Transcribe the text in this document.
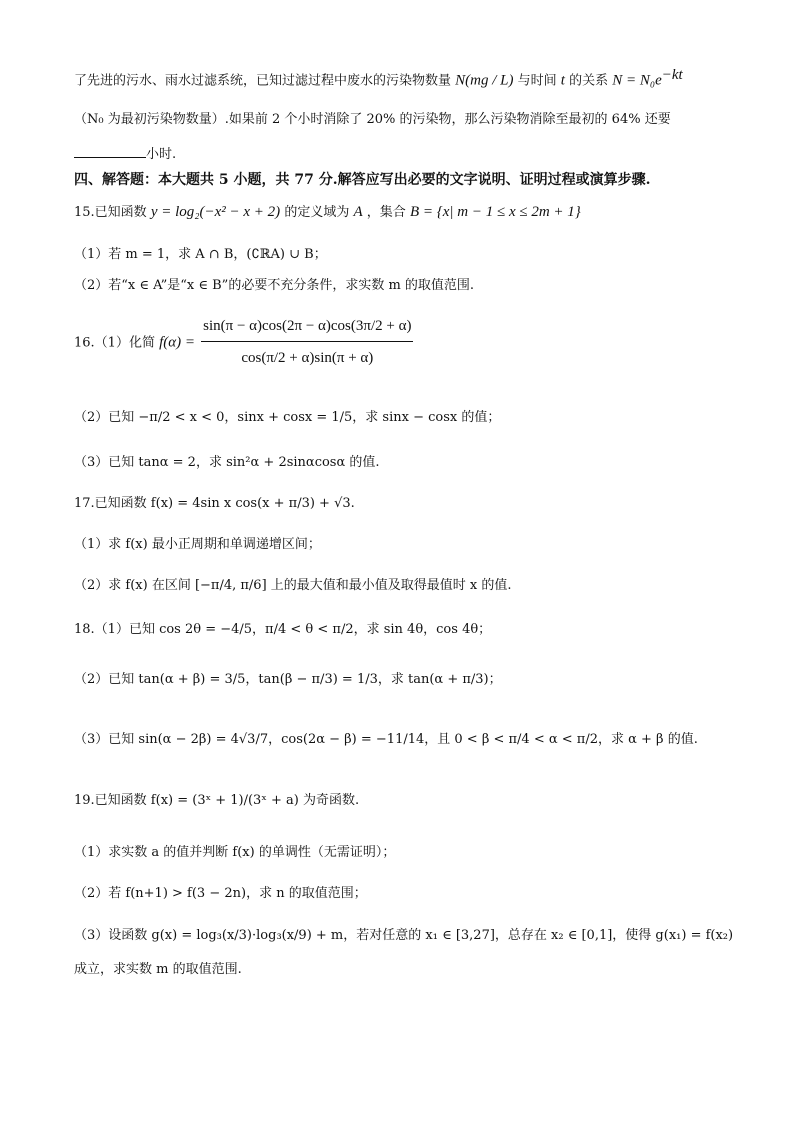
了先进的污水、雨水过滤系统，已知过滤过程中废水的污染物数量 N(mg / L) 与时间 t 的关系 $N = N_0e^{-kt}$
（N₀ 为最初污染物数量）.如果前 2 个小时消除了 20% 的污染物，那么污染物消除至最初的 64% 还要
小时.
四、解答题：本大题共 5 小题，共 77 分.解答应写出必要的文字说明、证明过程或演算步骤.
15.已知函数 y = log₂(−x² − x + 2) 的定义域为 A ，集合 B = {x| m − 1 ≤ x ≤ 2m + 1}
（1）若 m = 1，求 A ∩ B，(∁ℝA) ∪ B；
（2）若“x ∈ A”是“x ∈ B”的必要不充分条件，求实数 m 的取值范围.
16.（1）化简 $f(\alpha) = \frac{\sin(\pi - \alpha)\cos(2\pi - \alpha)\cos(3\pi/2 + \alpha)}{\cos(\pi/2 + \alpha)\sin(\pi + \alpha)}$
（2）已知 −π/2 < x < 0，sinx + cosx = 1/5，求 sinx − cosx 的值；
（3）已知 tanα = 2，求 sin²α + 2sinαcosα 的值.
17.已知函数 f(x) = 4sin x cos(x + π/3) + √3.
（1）求 f(x) 最小正周期和单调递增区间；
（2）求 f(x) 在区间 [−π/4, π/6] 上的最大值和最小值及取得最值时 x 的值.
18.（1）已知 cos 2θ = −4/5，π/4 < θ < π/2，求 sin 4θ，cos 4θ；
（2）已知 tan(α + β) = 3/5，tan(β − π/3) = 1/3，求 tan(α + π/3)；
（3）已知 sin(α − 2β) = 4√3/7，cos(2α − β) = −11/14，且 0 < β < π/4 < α < π/2，求 α + β 的值.
19.已知函数 f(x) = (3ˣ + 1)/(3ˣ + a) 为奇函数.
（1）求实数 a 的值并判断 f(x) 的单调性（无需证明）；
（2）若 f(n+1) > f(3 − 2n)，求 n 的取值范围；
（3）设函数 g(x) = log₃(x/3)·log₃(x/9) + m，若对任意的 x₁ ∈ [3,27]，总存在 x₂ ∈ [0,1]，使得 g(x₁) = f(x₂)
成立，求实数 m 的取值范围.
